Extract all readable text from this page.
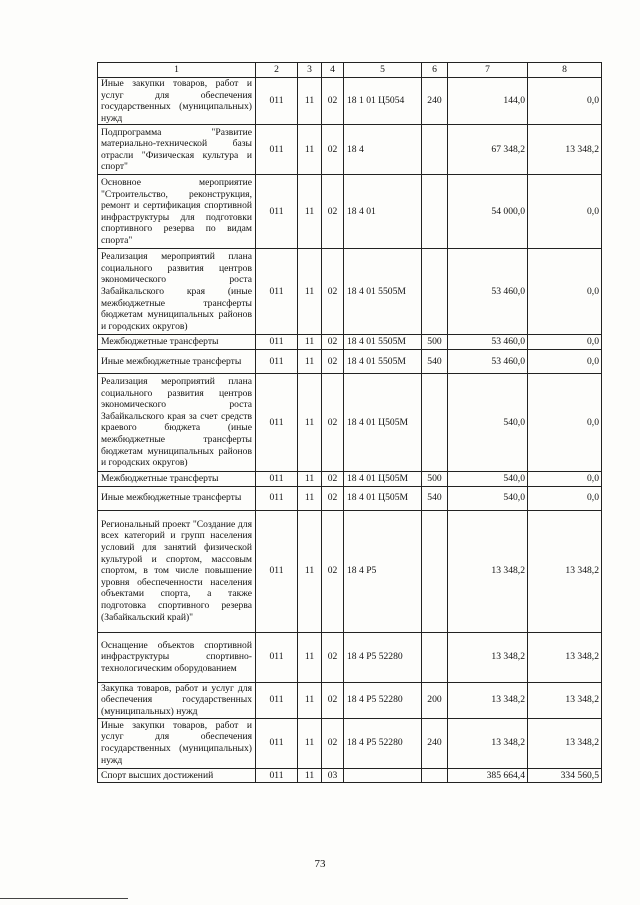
1	2	3	4	5	6	7	8
Иные закупки товаров, работ и услуг для обеспечения государственных (муниципальных) нужд	011	11	02	18 1 01 Ц5054	240	144,0	0,0
Подпрограмма "Развитие материально-технической базы отрасли "Физическая культура и спорт"	011	11	02	18 4		67 348,2	13 348,2
Основное мероприятие "Строительство, реконструкция, ремонт и сертификация спортивной инфраструктуры для подготовки спортивного резерва по видам спорта"	011	11	02	18 4 01		54 000,0	0,0
Реализация мероприятий плана социального развития центров экономического роста Забайкальского края (иные межбюджетные трансферты бюджетам муниципальных районов и городских округов)	011	11	02	18 4 01 5505М		53 460,0	0,0
Межбюджетные трансферты	011	11	02	18 4 01 5505М	500	53 460,0	0,0
Иные межбюджетные трансферты	011	11	02	18 4 01 5505М	540	53 460,0	0,0
Реализация мероприятий плана социального развития центров экономического роста Забайкальского края за счет средств краевого бюджета (иные межбюджетные трансферты бюджетам муниципальных районов и городских округов)	011	11	02	18 4 01 Ц505М		540,0	0,0
Межбюджетные трансферты	011	11	02	18 4 01 Ц505М	500	540,0	0,0
Иные межбюджетные трансферты	011	11	02	18 4 01 Ц505М	540	540,0	0,0
Региональный проект "Создание для всех категорий и групп населения условий для занятий физической культурой и спортом, массовым спортом, в том числе повышение уровня обеспеченности населения объектами спорта, а также подготовка спортивного резерва (Забайкальский край)"	011	11	02	18 4 P5		13 348,2	13 348,2
Оснащение объектов спортивной инфраструктуры спортивно-технологическим оборудованием	011	11	02	18 4 P5 52280		13 348,2	13 348,2
Закупка товаров, работ и услуг для обеспечения государственных (муниципальных) нужд	011	11	02	18 4 P5 52280	200	13 348,2	13 348,2
Иные закупки товаров, работ и услуг для обеспечения государственных (муниципальных) нужд	011	11	02	18 4 P5 52280	240	13 348,2	13 348,2
Спорт высших достижений	011	11	03			385 664,4	334 560,5
73
